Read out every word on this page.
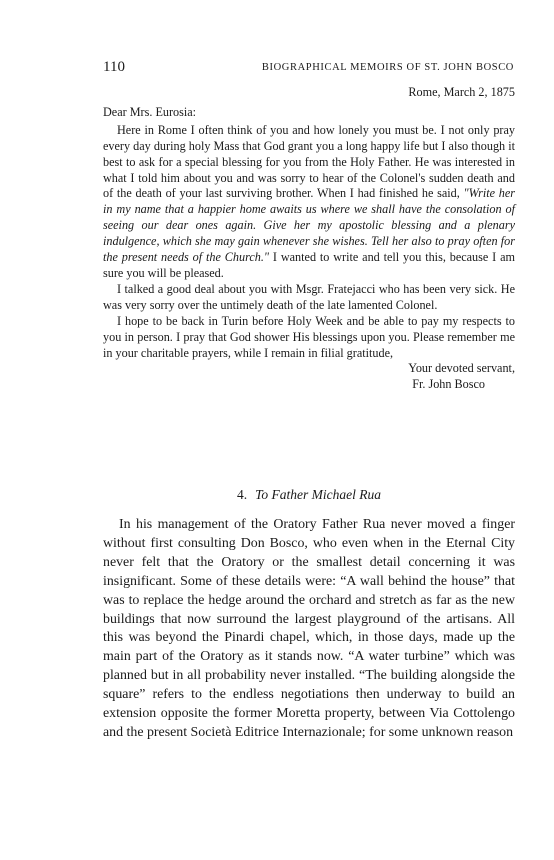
110	BIOGRAPHICAL MEMOIRS OF ST. JOHN BOSCO

Rome, March 2, 1875

Dear Mrs. Eurosia:

Here in Rome I often think of you and how lonely you must be. I not only pray every day during holy Mass that God grant you a long happy life but I also though it best to ask for a special blessing for you from the Holy Father. He was interested in what I told him about you and was sorry to hear of the Colonel's sudden death and of the death of your last surviving brother. When I had finished he said, "Write her in my name that a happier home awaits us where we shall have the consolation of seeing our dear ones again. Give her my apostolic blessing and a plenary indulgence, which she may gain whenever she wishes. Tell her also to pray often for the present needs of the Church." I wanted to write and tell you this, because I am sure you will be pleased.

I talked a good deal about you with Msgr. Fratejacci who has been very sick. He was very sorry over the untimely death of the late lamented Colonel.

I hope to be back in Turin before Holy Week and be able to pay my respects to you in person. I pray that God shower His blessings upon you. Please remember me in your charitable prayers, while I remain in filial gratitude,

Your devoted servant,

Fr. John Bosco

4. To Father Michael Rua

In his management of the Oratory Father Rua never moved a finger without first consulting Don Bosco, who even when in the Eternal City never felt that the Oratory or the smallest detail concerning it was insignificant. Some of these details were: “A wall behind the house” that was to replace the hedge around the orchard and stretch as far as the new buildings that now surround the largest playground of the artisans. All this was beyond the Pinardi chapel, which, in those days, made up the main part of the Oratory as it stands now. “A water turbine” which was planned but in all probability never installed. “The building alongside the square” refers to the endless negotiations then underway to build an extension opposite the former Moretta property, between Via Cottolengo and the present Società Editrice Internazionale; for some unknown reason
